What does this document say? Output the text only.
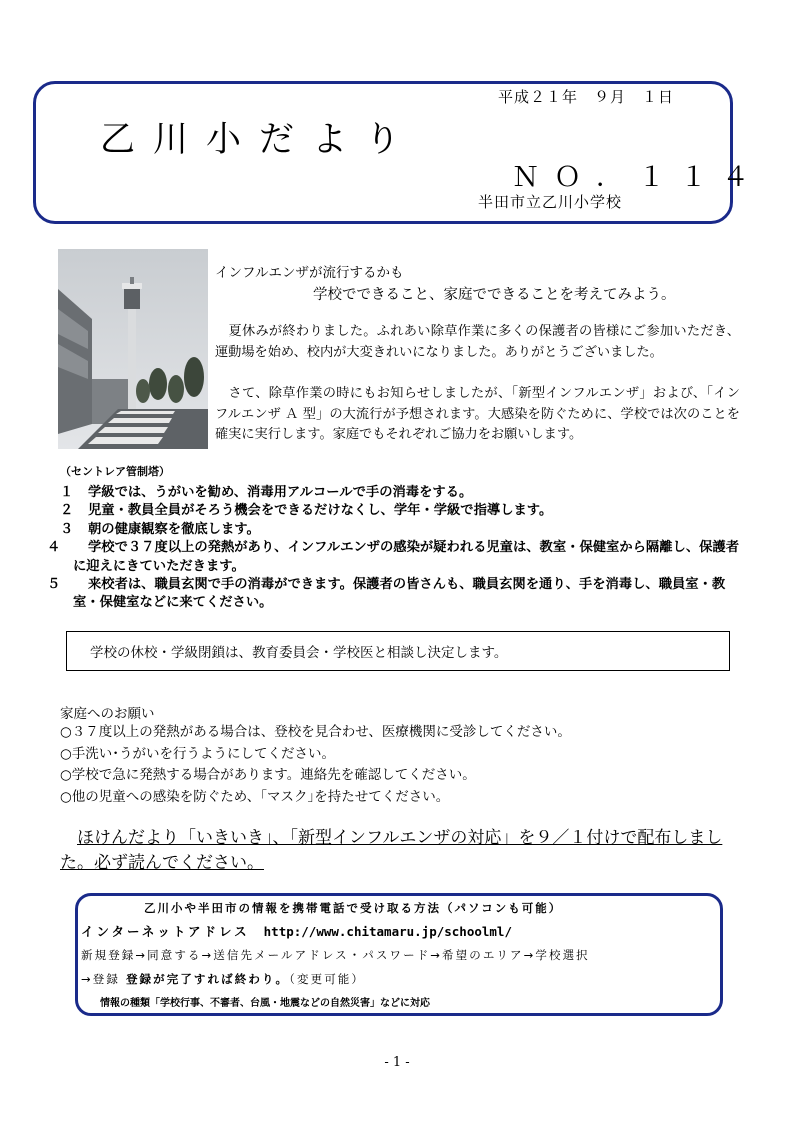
平成２１年　９月　１日
乙川小だより
ＮＯ．１１４
半田市立乙川小学校
（セントレア管制塔）
インフルエンザが流行するかも
学校でできること、家庭でできることを考えてみよう。

　夏休みが終わりました。ふれあい除草作業に多くの保護者の皆様にご参加いただき、運動場を始め、校内が大変きれいになりました。ありがとうございました。

　さて、除草作業の時にもお知らせしましたが、「新型インフルエンザ」および、「インフルエンザ Ａ 型」の大流行が予想されます。大感染を防ぐために、学校では次のことを確実に実行します。家庭でもそれぞれご協力をお願いします。

１ 学級では、うがいを勧め、消毒用アルコールで手の消毒をする。
２ 児童・教員全員がそろう機会をできるだけなくし、学年・学級で指導します。
３ 朝の健康観察を徹底します。
４ 学校で３７度以上の発熱があり、インフルエンザの感染が疑われる児童は、教室・保健室から隔離し、保護者に迎えにきていただきます。
５ 来校者は、職員玄関で手の消毒ができます。保護者の皆さんも、職員玄関を通り、手を消毒し、職員室・教室・保健室などに来てください。
学校の休校・学級閉鎖は、教育委員会・学校医と相談し決定します。
家庭へのお願い
○３７度以上の発熱がある場合は、登校を見合わせ、医療機関に受診してください。
○手洗い･うがいを行うようにしてください。
○学校で急に発熱する場合があります。連絡先を確認してください。
○他の児童への感染を防ぐため、｢マスク｣を持たせてください。

　ほけんだより「いきいき」、「新型インフルエンザの対応」を９／１付けで配布しました。必ず読んでください。

乙川小や半田市の情報を携帯電話で受け取る方法（パソコンも可能）
インターネットアドレス http://www.chitamaru.jp/schoolml/
新規登録→同意する→送信先メールアドレス・パスワード→希望のエリア→学校選択
→登録 登録が完了すれば終わり。（変更可能）
情報の種類「学校行事、不審者、台風・地震などの自然災害」などに対応
- 1 -
